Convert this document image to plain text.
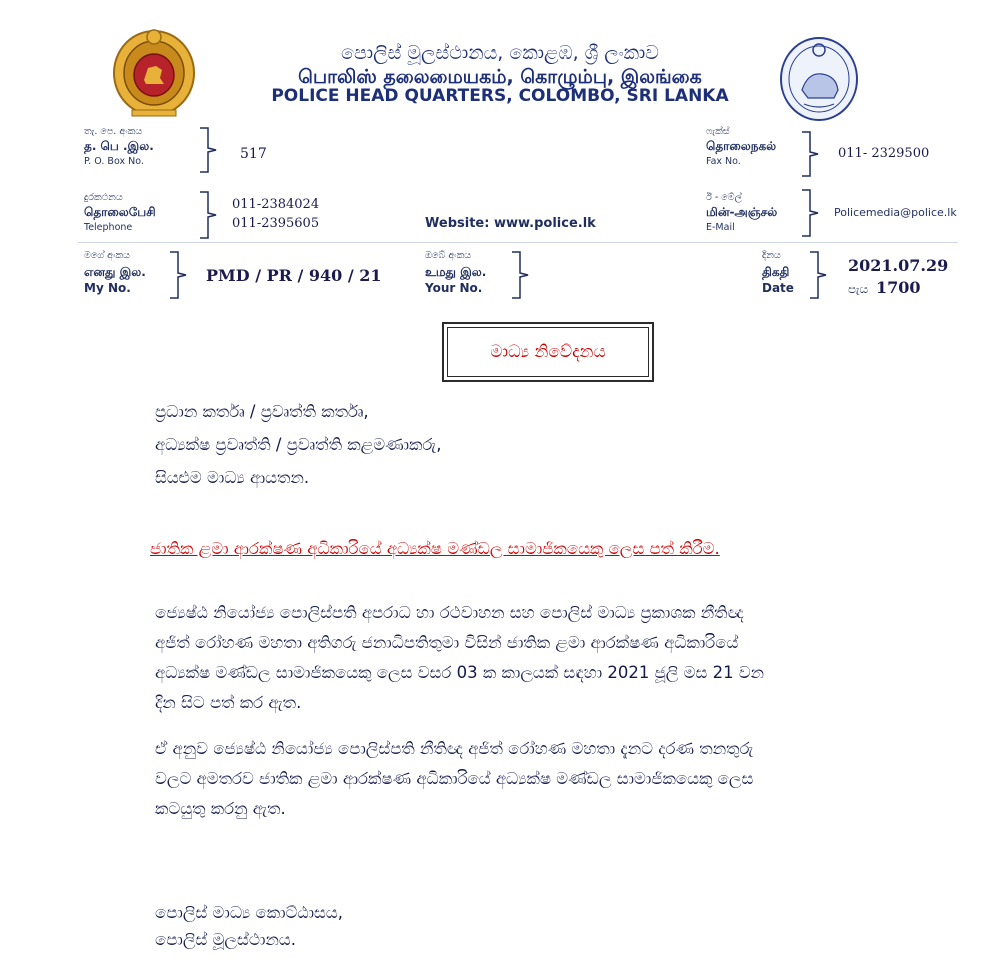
පොලිස් මූලස්ථානය, කොළඹ, ශ්‍රී ලංකාව
பொலிஸ் தலைமையகம், கொழும்பு, இலங்கை
POLICE HEAD QUARTERS, COLOMBO, SRI LANKA
තැ. පෙ. අංකය
த. பெ .இல.
P. O. Box No.	517
දුරකථනය
தொலைபேசி
Telephone
011-2384024
011-2395605	Website: www.police.lk
ෆැක්ස්
தொலைநகல்
Fax No.
011- 2329500
ඊ - මේල්
மின்-அஞ்சல்
E-Mail
Policemedia@police.lk
මගේ අංකය
எனது இல.
My No.
PMD / PR / 940 / 21
ඔබේ අංකය
உமது இல.
Your No.
දිනය
திகதி
Date
2021.07.29
පැය 1700
මාධ්‍ය නිවේදනය
ප්‍රධාන කර්තෘ / ප්‍රවෘත්ති කර්තෘ,
අධ්‍යක්ෂ ප්‍රවෘත්ති / ප්‍රවෘත්ති කළමණාකරු,
සියළුම මාධ්‍ය ආයතන.
ජාතික ළමා ආරක්ෂණ අධිකාරියේ අධ්‍යක්ෂ මණ්ඩල සාමාජිකයෙකු ලෙස පත් කිරීම.
ජ්‍යෙෂ්ඨ නියෝජ්‍ය පොලිස්පති අපරාධ හා රථවාහන සහ පොලිස් මාධ්‍ය ප්‍රකාශක නීතිඥ
අජිත් රෝහණ මහතා අතිගරු ජනාධිපතිතුමා විසින් ජාතික ළමා ආරක්ෂණ අධිකාරියේ
අධ්‍යක්ෂ මණ්ඩල සාමාජිකයෙකු ලෙස වසර 03 ක කාලයක් සඳහා 2021 ජූලි මස 21 වන
දින සිට පත් කර ඇත.
ඒ අනුව ජ්‍යෙෂ්ඨ නියෝජ්‍ය පොලිස්පති නීතිඥ අජිත් රෝහණ මහතා දැනට දරණ තනතුරු
වලට අමතරව ජාතික ළමා ආරක්ෂණ අධිකාරියේ අධ්‍යක්ෂ මණ්ඩල සාමාජිකයෙකු ලෙස
කටයුතු කරනු ඇත.
පොලිස් මාධ්‍ය කොට්ඨාසය,
පොලිස් මූලස්ථානය.
